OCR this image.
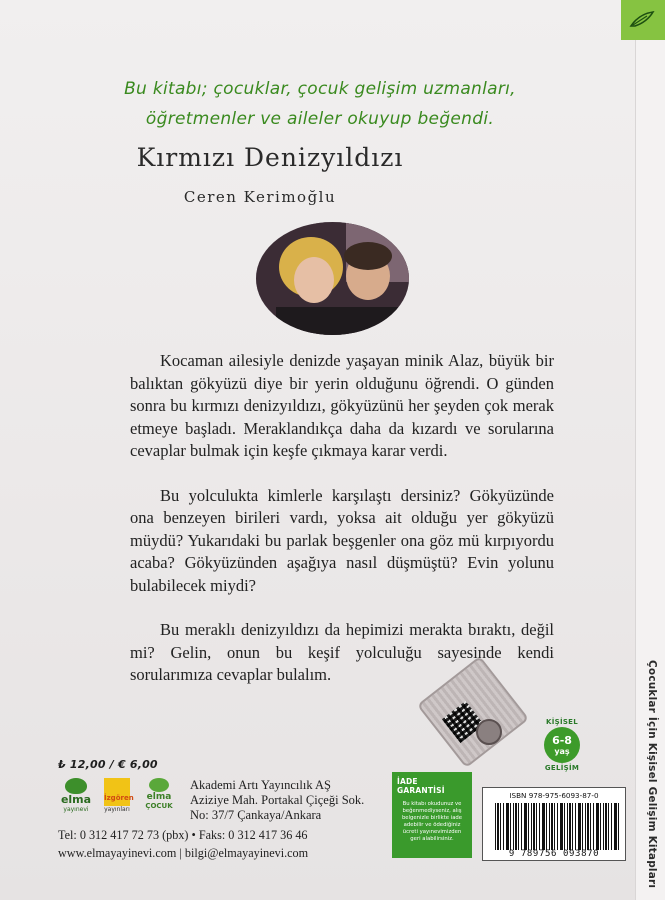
Bu kitabı; çocuklar, çocuk gelişim uzmanları,
öğretmenler ve aileler okuyup beğendi.
Kırmızı Denizyıldızı
Ceren Kerimoğlu

Kocaman ailesiyle denizde yaşayan minik Alaz, büyük bir balıktan gökyüzü diye bir yerin olduğunu öğrendi. O günden sonra bu kırmızı denizyıldızı, gökyüzünü her şeyden çok merak etmeye başladı. Meraklandıkça daha da kızardı ve sorularına cevaplar bulmak için keşfe çıkmaya karar verdi.

Bu yolculukta kimlerle karşılaştı dersiniz? Gökyüzünde ona benzeyen birileri vardı, yoksa ait olduğu yer gökyüzü müydü? Yukarıdaki bu parlak beşgenler ona göz mü kırpıyordu acaba? Gökyüzünden aşağıya nasıl düşmüştü? Evin yolunu bulabilecek miydi?

Bu meraklı denizyıldızı da hepimizi merakta bıraktı, değil mi? Gelin, onun bu keşif yolculuğu sayesinde kendi sorularımıza cevaplar bulalım.	Çocuklar İçin Kişisel Gelişim Kitapları
KİŞİSEL
6-8
yaş
GELİŞİM
₺ 12,00 / € 6,00
elma
yayınevi
İzgören
yayınları
elma
ÇOCUK
Akademi Artı Yayıncılık AŞ
Aziziye Mah. Portakal Çiçeği Sok.
No: 37/7 Çankaya/Ankara
Tel: 0 312 417 72 73 (pbx) • Faks: 0 312 417 36 46
www.elmayayinevi.com | bilgi@elmayayinevi.com
İADE GARANTİSİ
Bu kitabı okudunuz ve beğenmediyseniz, alış belgenizle birlikte iade adebilir ve ödediğiniz ücreti yayınevimizden geri alabilirsiniz.
ISBN 978-975-6093-87-0
9 789756 093870
